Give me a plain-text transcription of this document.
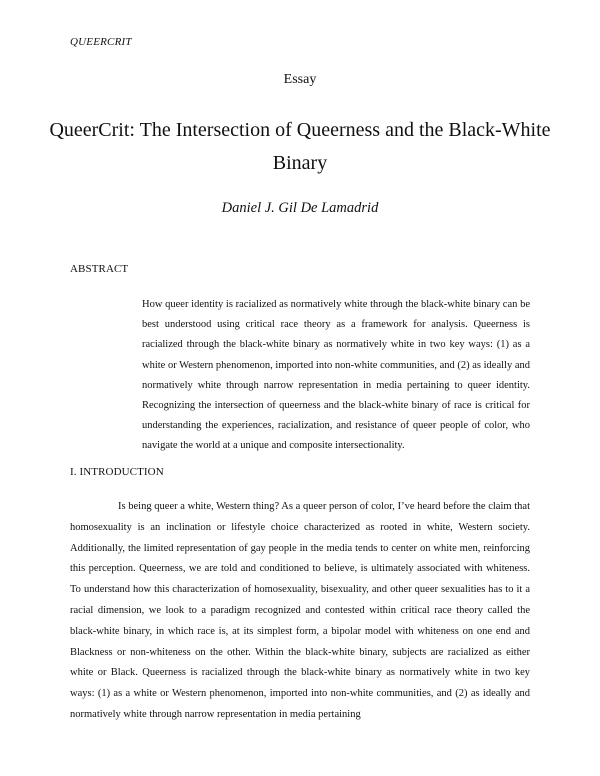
QUEERCRIT
Essay
QueerCrit: The Intersection of Queerness and the Black-White Binary
Daniel J. Gil De Lamadrid
ABSTRACT

How queer identity is racialized as normatively white through the black-white binary can be best understood using critical race theory as a framework for analysis. Queerness is racialized through the black-white binary as normatively white in two key ways: (1) as a white or Western phenomenon, imported into non-white communities, and (2) as ideally and normatively white through narrow representation in media pertaining to queer identity. Recognizing the intersection of queerness and the black-white binary of race is critical for understanding the experiences, racialization, and resistance of queer people of color, who navigate the world at a unique and composite intersectionality.

I. INTRODUCTION

Is being queer a white, Western thing? As a queer person of color, I’ve heard before the claim that homosexuality is an inclination or lifestyle choice characterized as rooted in white, Western society. Additionally, the limited representation of gay people in the media tends to center on white men, reinforcing this perception. Queerness, we are told and conditioned to believe, is ultimately associated with whiteness. To understand how this characterization of homosexuality, bisexuality, and other queer sexualities has to it a racial dimension, we look to a paradigm recognized and contested within critical race theory called the black-white binary, in which race is, at its simplest form, a bipolar model with whiteness on one end and Blackness or non-whiteness on the other. Within the black-white binary, subjects are racialized as either white or Black. Queerness is racialized through the black-white binary as normatively white in two key ways: (1) as a white or Western phenomenon, imported into non-white communities, and (2) as ideally and normatively white through narrow representation in media pertaining
